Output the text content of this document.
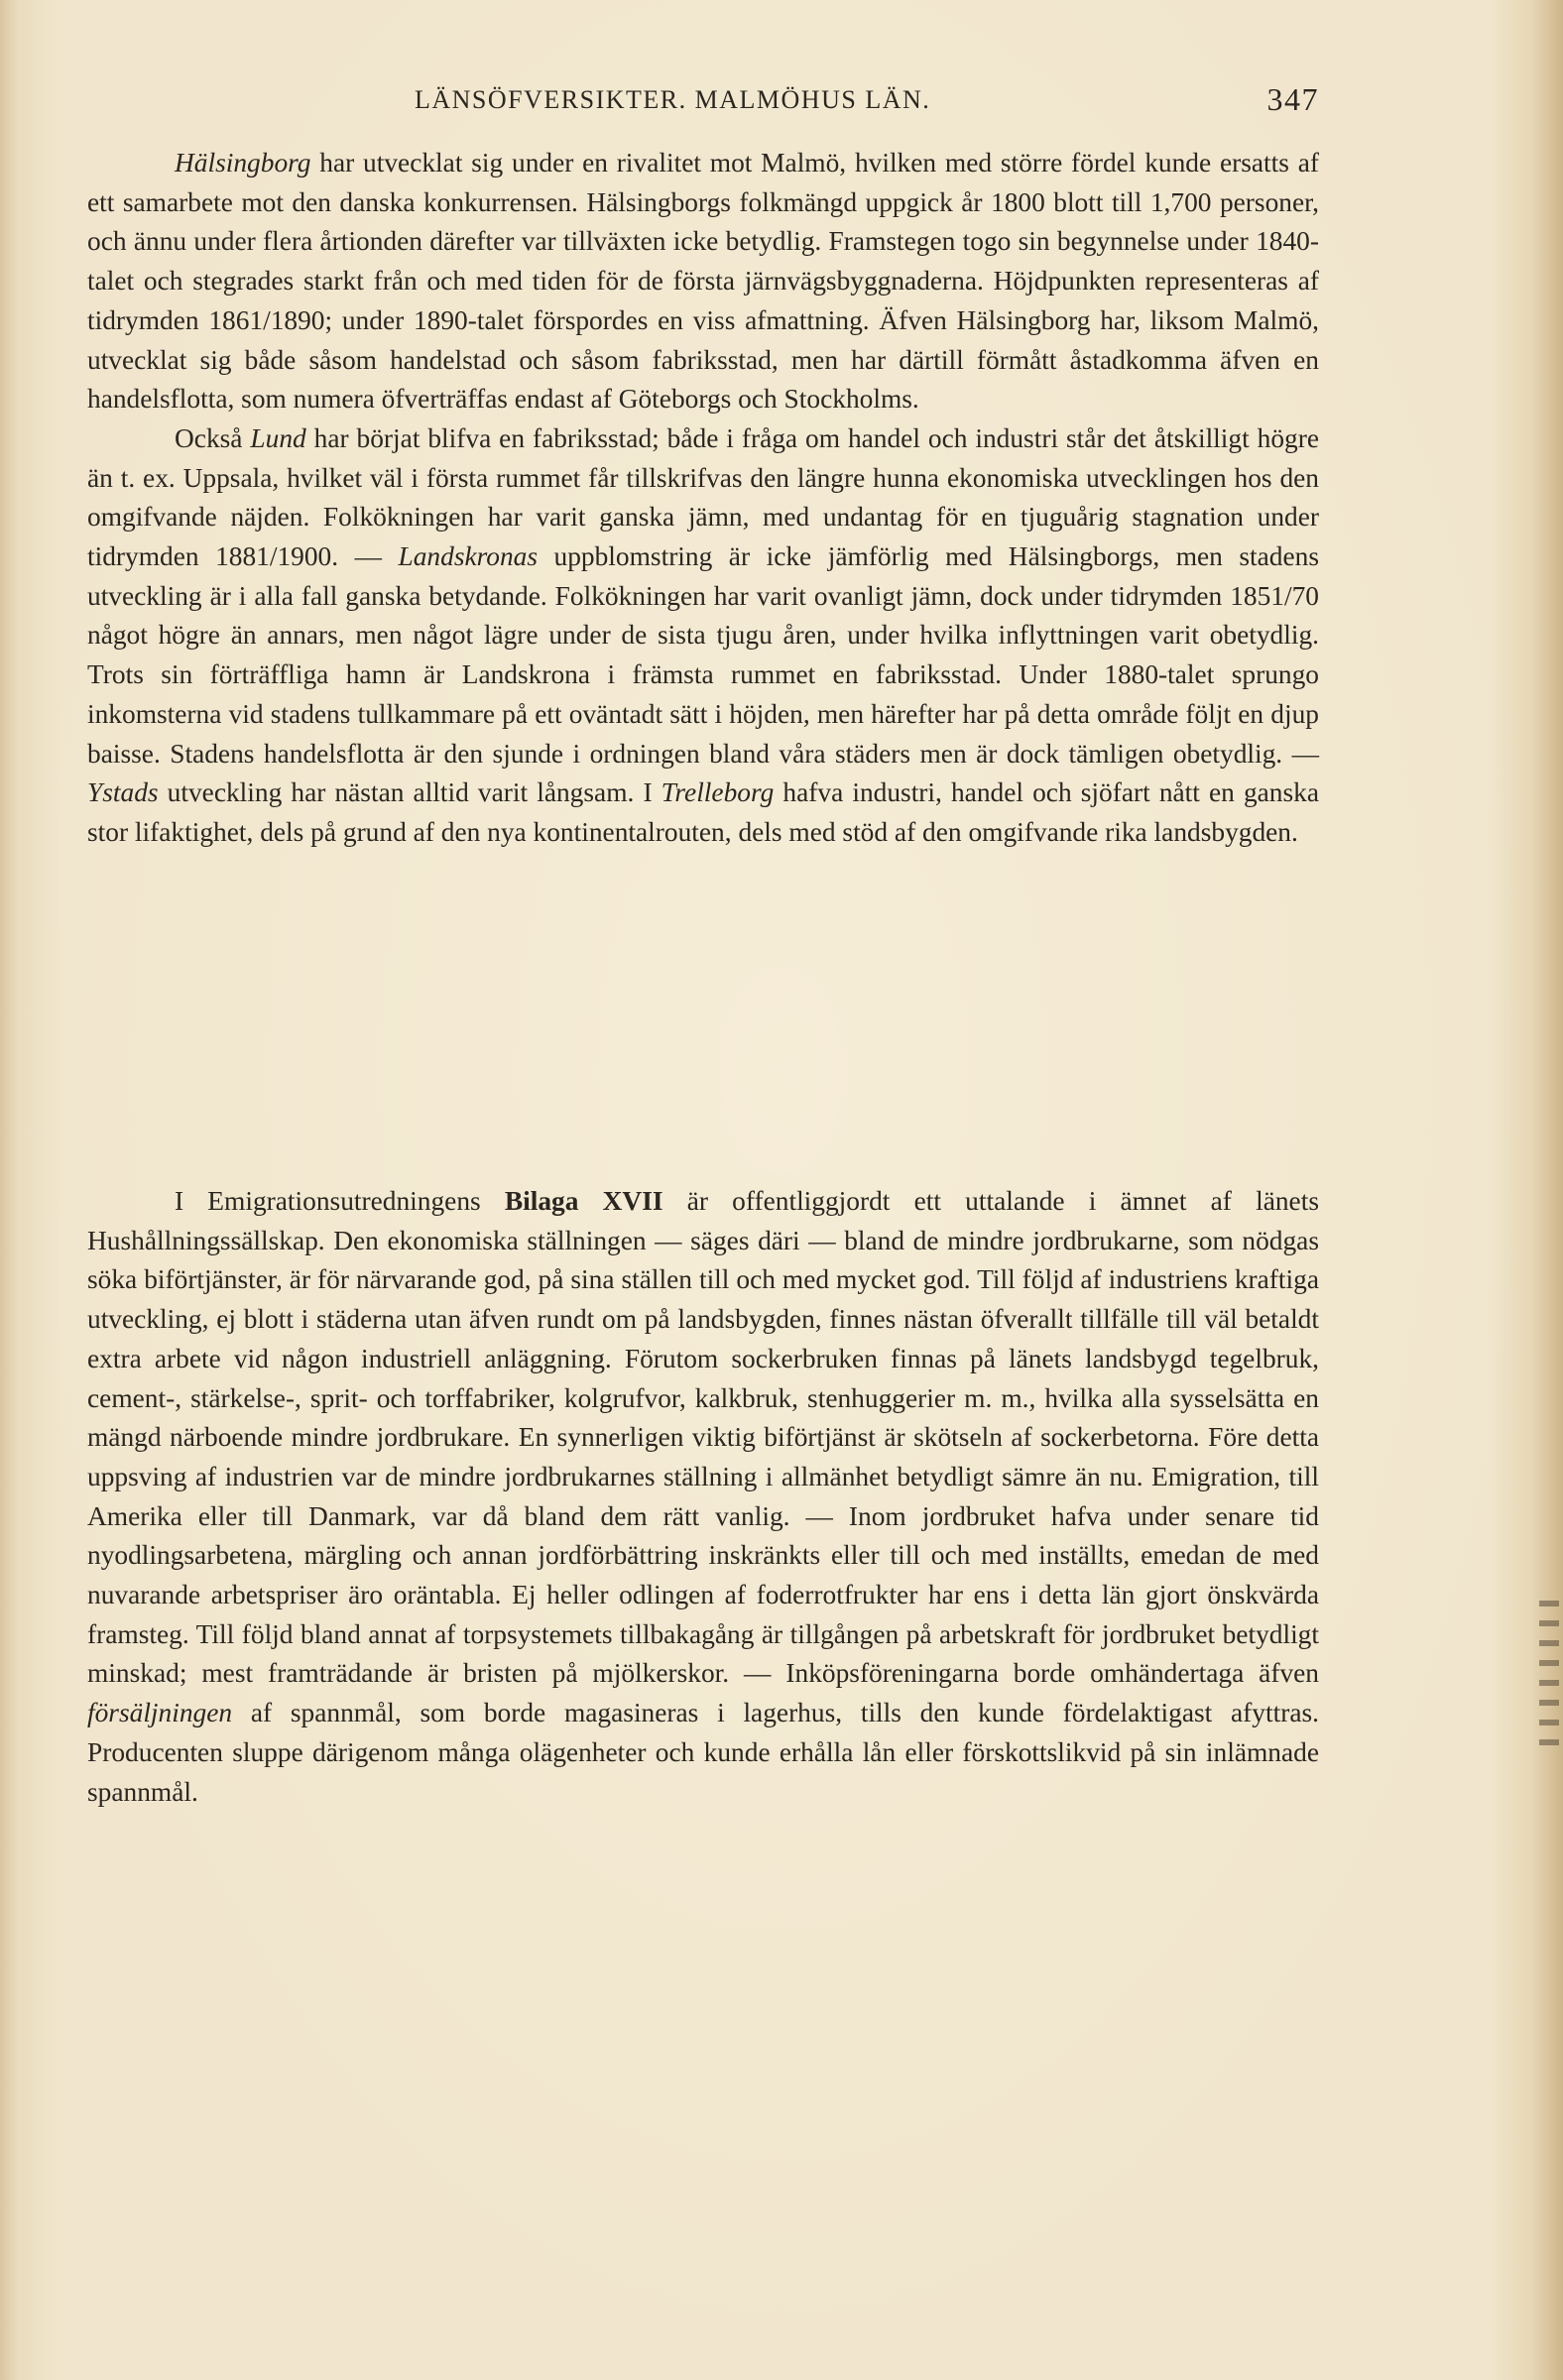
LÄNSÖFVERSIKTER. MALMÖHUS LÄN.	347

Hälsingborg har utvecklat sig under en rivalitet mot Malmö, hvilken med större fördel kunde ersatts af ett samarbete mot den danska konkurrensen. Hälsingborgs folkmängd uppgick år 1800 blott till 1,700 personer, och ännu under flera årtionden därefter var tillväxten icke betydlig. Framstegen togo sin begynnelse under 1840-talet och stegrades starkt från och med tiden för de första järnvägsbyggnaderna. Höjdpunkten representeras af tidrymden 1861/1890; under 1890-talet förspordes en viss afmattning. Äfven Hälsingborg har, liksom Malmö, utvecklat sig både såsom handelstad och såsom fabriksstad, men har därtill förmått åstadkomma äfven en handelsflotta, som numera öfverträffas endast af Göteborgs och Stockholms.

Också Lund har börjat blifva en fabriksstad; både i fråga om handel och industri står det åtskilligt högre än t. ex. Uppsala, hvilket väl i första rummet får tillskrifvas den längre hunna ekonomiska utvecklingen hos den omgifvande näjden. Folkökningen har varit ganska jämn, med undantag för en tjuguårig stagnation under tidrymden 1881/1900. — Landskronas uppblomstring är icke jämförlig med Hälsingborgs, men stadens utveckling är i alla fall ganska betydande. Folkökningen har varit ovanligt jämn, dock under tidrymden 1851/70 något högre än annars, men något lägre under de sista tjugu åren, under hvilka inflyttningen varit obetydlig. Trots sin förträffliga hamn är Landskrona i främsta rummet en fabriksstad. Under 1880-talet sprungo inkomsterna vid stadens tullkammare på ett oväntadt sätt i höjden, men härefter har på detta område följt en djup baisse. Stadens handelsflotta är den sjunde i ordningen bland våra städers men är dock tämligen obetydlig. — Ystads utveckling har nästan alltid varit långsam. I Trelleborg hafva industri, handel och sjöfart nått en ganska stor lifaktighet, dels på grund af den nya kontinentalrouten, dels med stöd af den omgifvande rika landsbygden.

I Emigrationsutredningens Bilaga XVII är offentliggjordt ett uttalande i ämnet af länets Hushållningssällskap. Den ekonomiska ställningen — säges däri — bland de mindre jordbrukarne, som nödgas söka biförtjänster, är för närvarande god, på sina ställen till och med mycket god. Till följd af industriens kraftiga utveckling, ej blott i städerna utan äfven rundt om på landsbygden, finnes nästan öfverallt tillfälle till väl betaldt extra arbete vid någon industriell anläggning. Förutom sockerbruken finnas på länets landsbygd tegelbruk, cement-, stärkelse-, sprit- och torffabriker, kolgrufvor, kalkbruk, stenhuggerier m. m., hvilka alla sysselsätta en mängd närboende mindre jordbrukare. En synnerligen viktig biförtjänst är skötseln af sockerbetorna. Före detta uppsving af industrien var de mindre jordbrukarnes ställning i allmänhet betydligt sämre än nu. Emigration, till Amerika eller till Danmark, var då bland dem rätt vanlig. — Inom jordbruket hafva under senare tid nyodlingsarbetena, märgling och annan jordförbättring inskränkts eller till och med inställts, emedan de med nuvarande arbetspriser äro oräntabla. Ej heller odlingen af foderrotfrukter har ens i detta län gjort önskvärda framsteg. Till följd bland annat af torpsystemets tillbakagång är tillgången på arbetskraft för jordbruket betydligt minskad; mest framträdande är bristen på mjölkerskor. — Inköpsföreningarna borde omhändertaga äfven försäljningen af spannmål, som borde magasineras i lagerhus, tills den kunde fördelaktigast afyttras. Producenten sluppe därigenom många olägenheter och kunde erhålla lån eller förskottslikvid på sin inlämnade spannmål.
